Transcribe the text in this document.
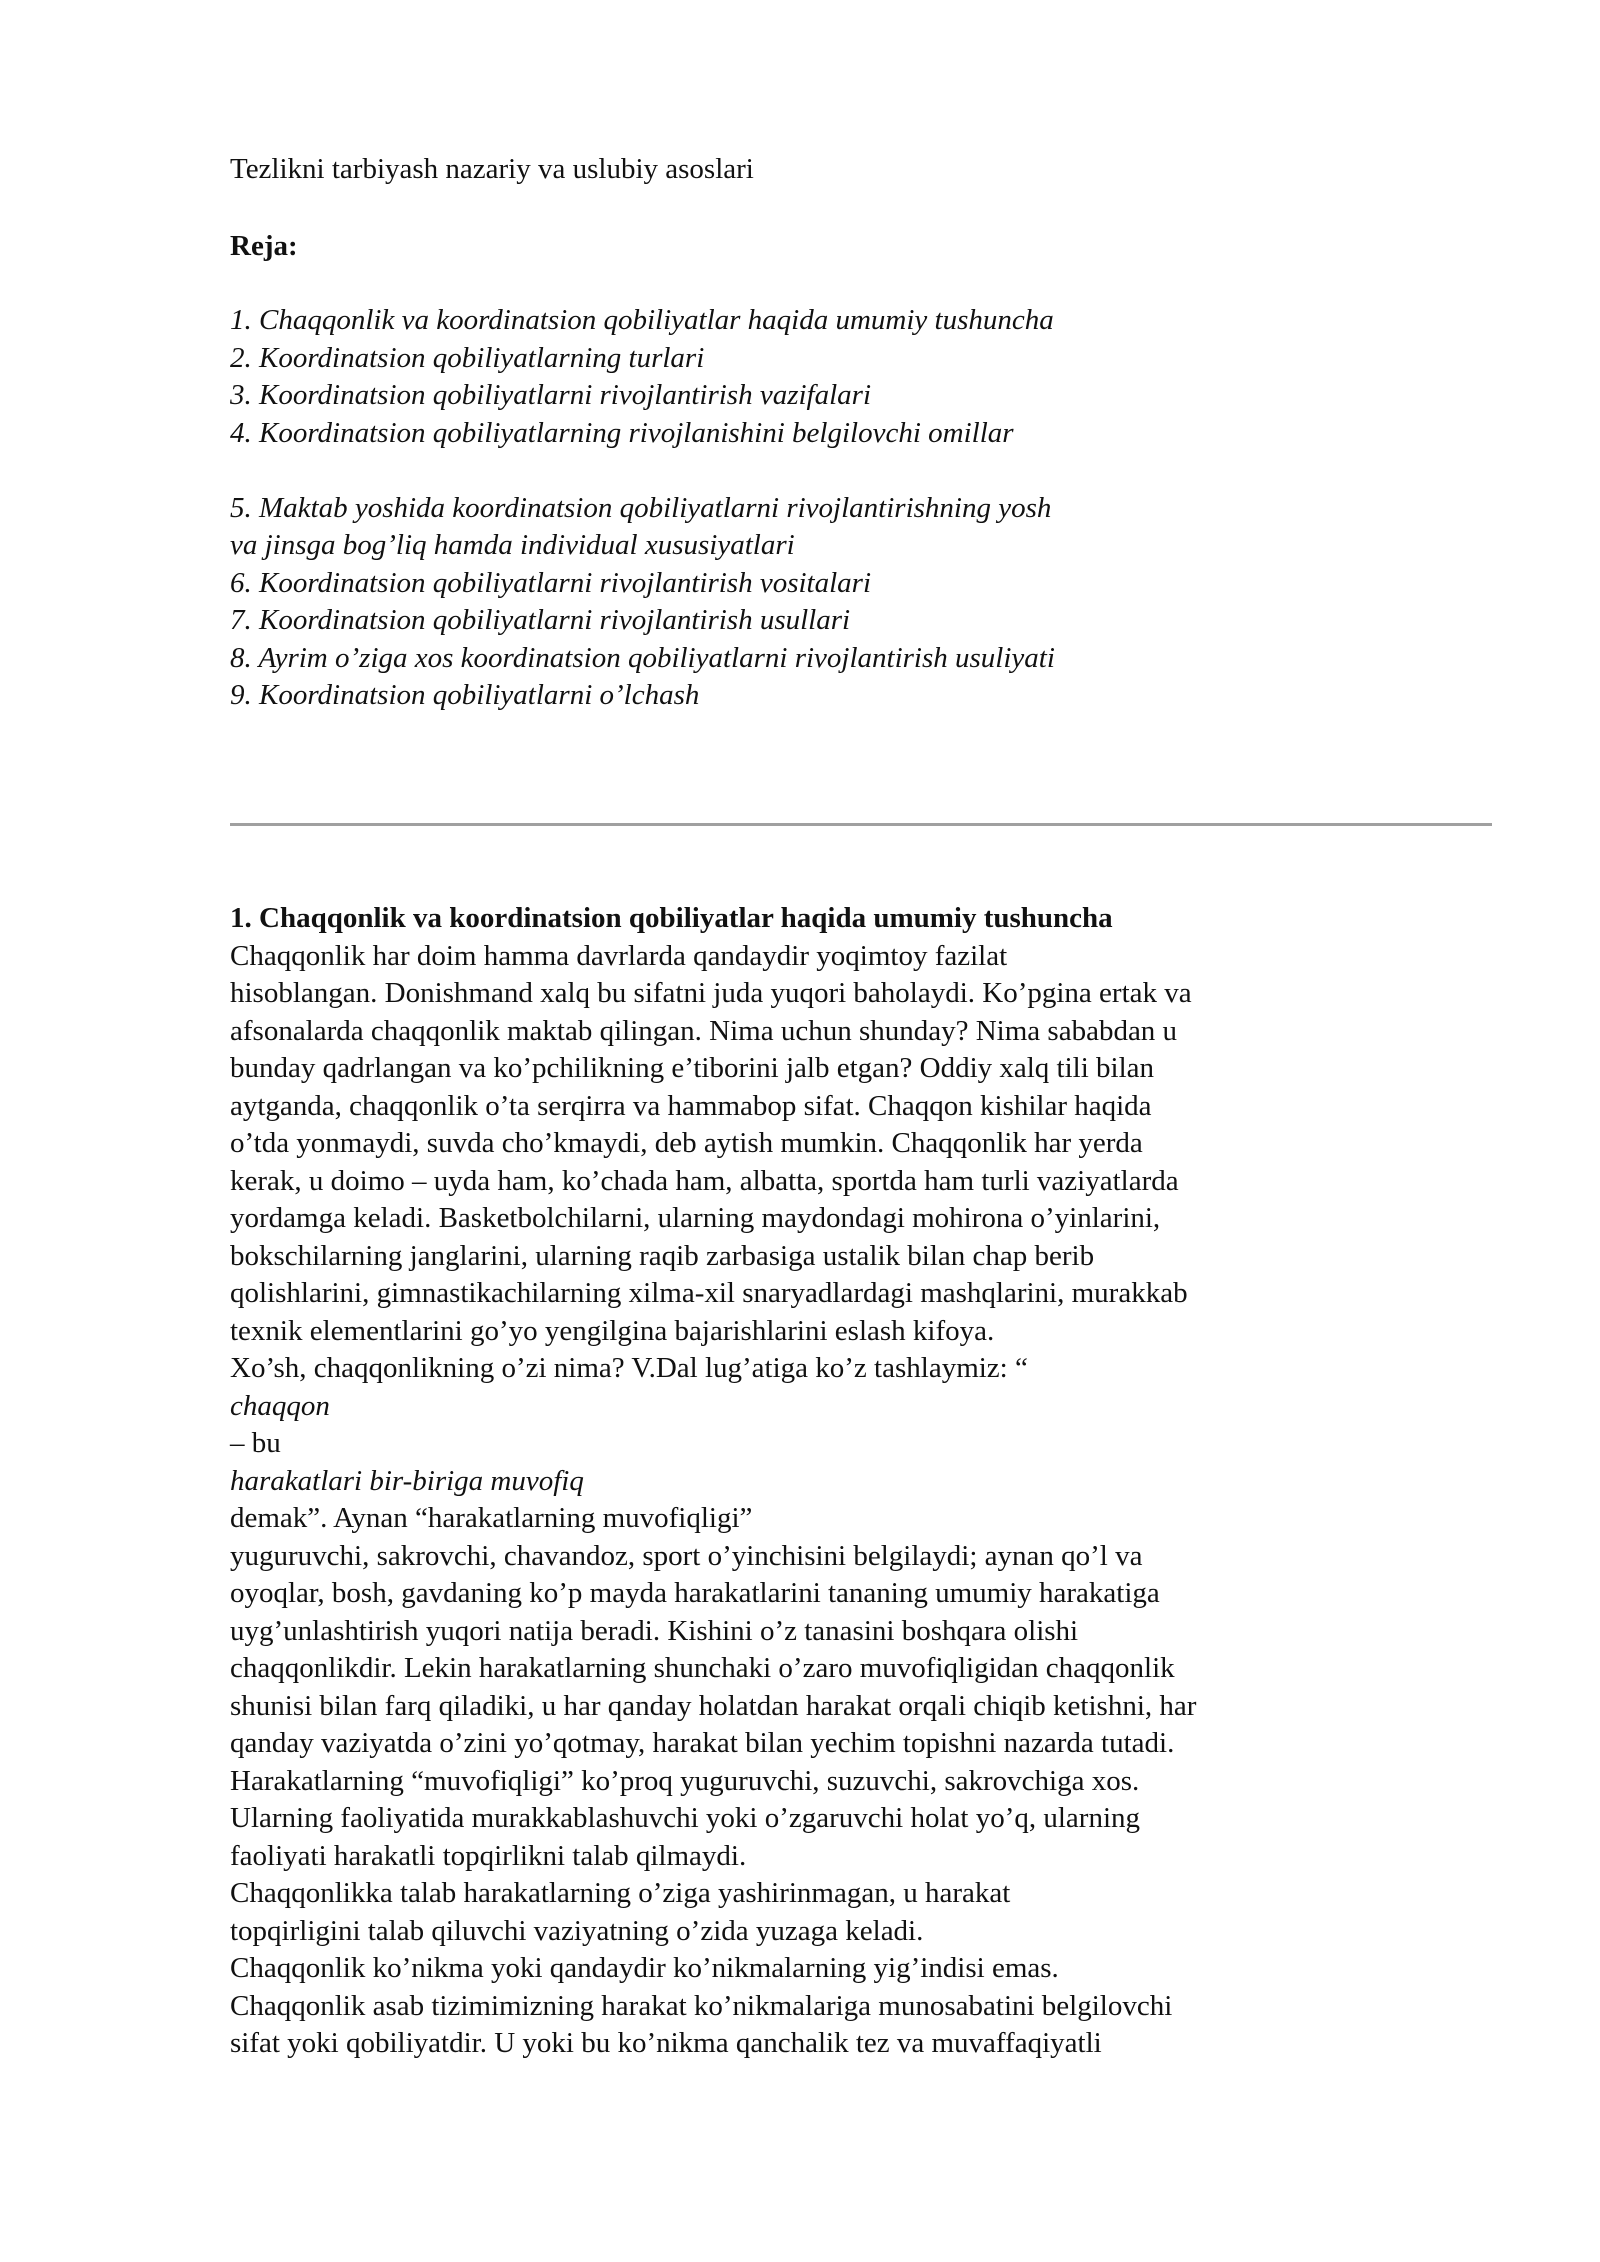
Tezlikni tarbiyash nazariy va uslubiy asoslari
Reja:
1. Chaqqonlik va koordinatsion qobiliyatlar haqida umumiy tushuncha
2. Koordinatsion qobiliyatlarning turlari
3. Koordinatsion qobiliyatlarni rivojlantirish vazifalari
4. Koordinatsion qobiliyatlarning rivojlanishini belgilovchi omillar
5. Maktab yoshida koordinatsion qobiliyatlarni rivojlantirishning yosh
va jinsga bog’liq hamda individual xususiyatlari
6. Koordinatsion qobiliyatlarni rivojlantirish vositalari
7. Koordinatsion qobiliyatlarni rivojlantirish usullari
8. Ayrim o’ziga xos koordinatsion qobiliyatlarni rivojlantirish usuliyati
9. Koordinatsion qobiliyatlarni o’lchash
1. Chaqqonlik va koordinatsion qobiliyatlar haqida umumiy tushuncha
Chaqqonlik har doim hamma davrlarda qandaydir yoqimtoy fazilat
hisoblangan. Donishmand xalq bu sifatni juda yuqori baholaydi. Ko’pgina ertak va
afsonalarda chaqqonlik maktab qilingan. Nima uchun shunday? Nima sababdan u
bunday qadrlangan va ko’pchilikning e’tiborini jalb etgan? Oddiy xalq tili bilan
aytganda, chaqqonlik o’ta serqirra va hammabop sifat. Chaqqon kishilar haqida
o’tda yonmaydi, suvda cho’kmaydi, deb aytish mumkin. Chaqqonlik har yerda
kerak, u doimo – uyda ham, ko’chada ham, albatta, sportda ham turli vaziyatlarda
yordamga keladi. Basketbolchilarni, ularning maydondagi mohirona o’yinlarini,
bokschilarning janglarini, ularning raqib zarbasiga ustalik bilan chap berib
qolishlarini, gimnastikachilarning xilma-xil snaryadlardagi mashqlarini, murakkab
texnik elementlarini go’yo yengilgina bajarishlarini eslash kifoya.
Xo’sh, chaqqonlikning o’zi nima? V.Dal lug’atiga ko’z tashlaymiz: “
chaqqon
– bu
harakatlari bir-biriga muvofiq
demak”. Aynan “harakatlarning muvofiqligi”
yuguruvchi, sakrovchi, chavandoz, sport o’yinchisini belgilaydi; aynan qo’l va
oyoqlar, bosh, gavdaning ko’p mayda harakatlarini tananing umumiy harakatiga
uyg’unlashtirish yuqori natija beradi. Kishini o’z tanasini boshqara olishi
chaqqonlikdir. Lekin harakatlarning shunchaki o’zaro muvofiqligidan chaqqonlik
shunisi bilan farq qiladiki, u har qanday holatdan harakat orqali chiqib ketishni, har
qanday vaziyatda o’zini yo’qotmay, harakat bilan yechim topishni nazarda tutadi.
Harakatlarning “muvofiqligi” ko’proq yuguruvchi, suzuvchi, sakrovchiga xos.
Ularning faoliyatida murakkablashuvchi yoki o’zgaruvchi holat yo’q, ularning
faoliyati harakatli topqirlikni talab qilmaydi.
Chaqqonlikka talab harakatlarning o’ziga yashirinmagan, u harakat
topqirligini talab qiluvchi vaziyatning o’zida yuzaga keladi.
Chaqqonlik ko’nikma yoki qandaydir ko’nikmalarning yig’indisi emas.
Chaqqonlik asab tizimimizning harakat ko’nikmalariga munosabatini belgilovchi
sifat yoki qobiliyatdir. U yoki bu ko’nikma qanchalik tez va muvaffaqiyatli
